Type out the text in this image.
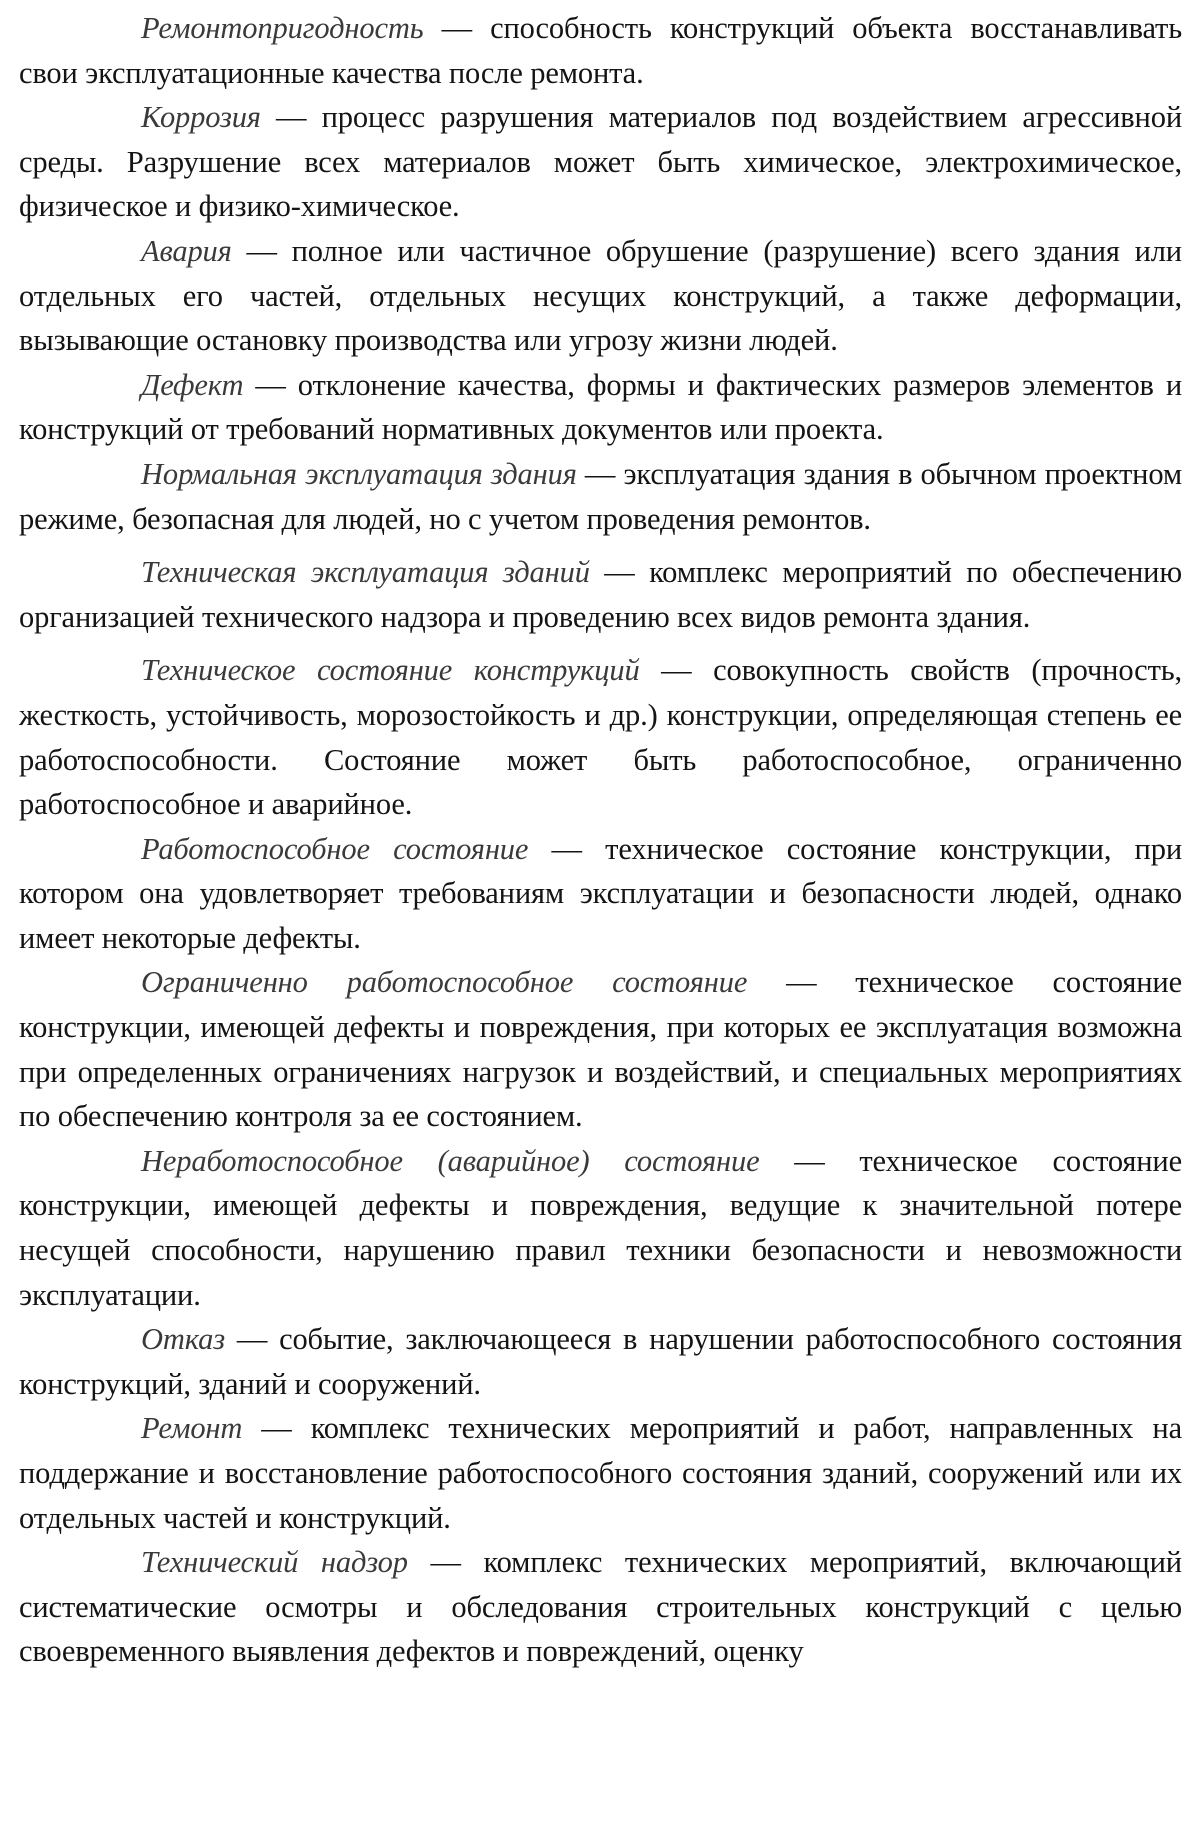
Ремонтопригодность — способность конструкций объекта восстанавливать свои эксплуатационные качества после ремонта.

Коррозия — процесс разрушения материалов под воздействием агрессивной среды. Разрушение всех материалов может быть химическое, электрохимическое, физическое и физико-химическое.

Авария — полное или частичное обрушение (разрушение) всего здания или отдельных его частей, отдельных несущих конструкций, а также деформации, вызывающие остановку производства или угрозу жизни людей.

Дефект — отклонение качества, формы и фактических размеров элементов и конструкций от требований нормативных документов или проекта.

Нормальная эксплуатация здания — эксплуатация здания в обычном проектном режиме, безопасная для людей, но с учетом проведения ремонтов.

Техническая эксплуатация зданий — комплекс мероприятий по обеспечению организацией технического надзора и проведению всех видов ремонта здания.

Техническое состояние конструкций — совокупность свойств (прочность, жесткость, устойчивость, морозостойкость и др.) конструкции, определяющая степень ее работоспособности. Состояние может быть работоспособное, ограниченно работоспособное и аварийное.

Работоспособное состояние — техническое состояние конструкции, при котором она удовлетворяет требованиям эксплуатации и безопасности людей, однако имеет некоторые дефекты.

Ограниченно работоспособное состояние — техническое состояние конструкции, имеющей дефекты и повреждения, при которых ее эксплуатация возможна при определенных ограничениях нагрузок и воздействий, и специальных мероприятиях по обеспечению контроля за ее состоянием.

Неработоспособное (аварийное) состояние — техническое состояние конструкции, имеющей дефекты и повреждения, ведущие к значительной потере несущей способности, нарушению правил техники безопасности и невозможности эксплуатации.

Отказ — событие, заключающееся в нарушении работоспособного состояния конструкций, зданий и сооружений.

Ремонт — комплекс технических мероприятий и работ, направленных на поддержание и восстановление работоспособного состояния зданий, сооружений или их отдельных частей и конструкций.

Технический надзор — комплекс технических мероприятий, включающий систематические осмотры и обследования строительных конструкций с целью своевременного выявления дефектов и повреждений, оценку
